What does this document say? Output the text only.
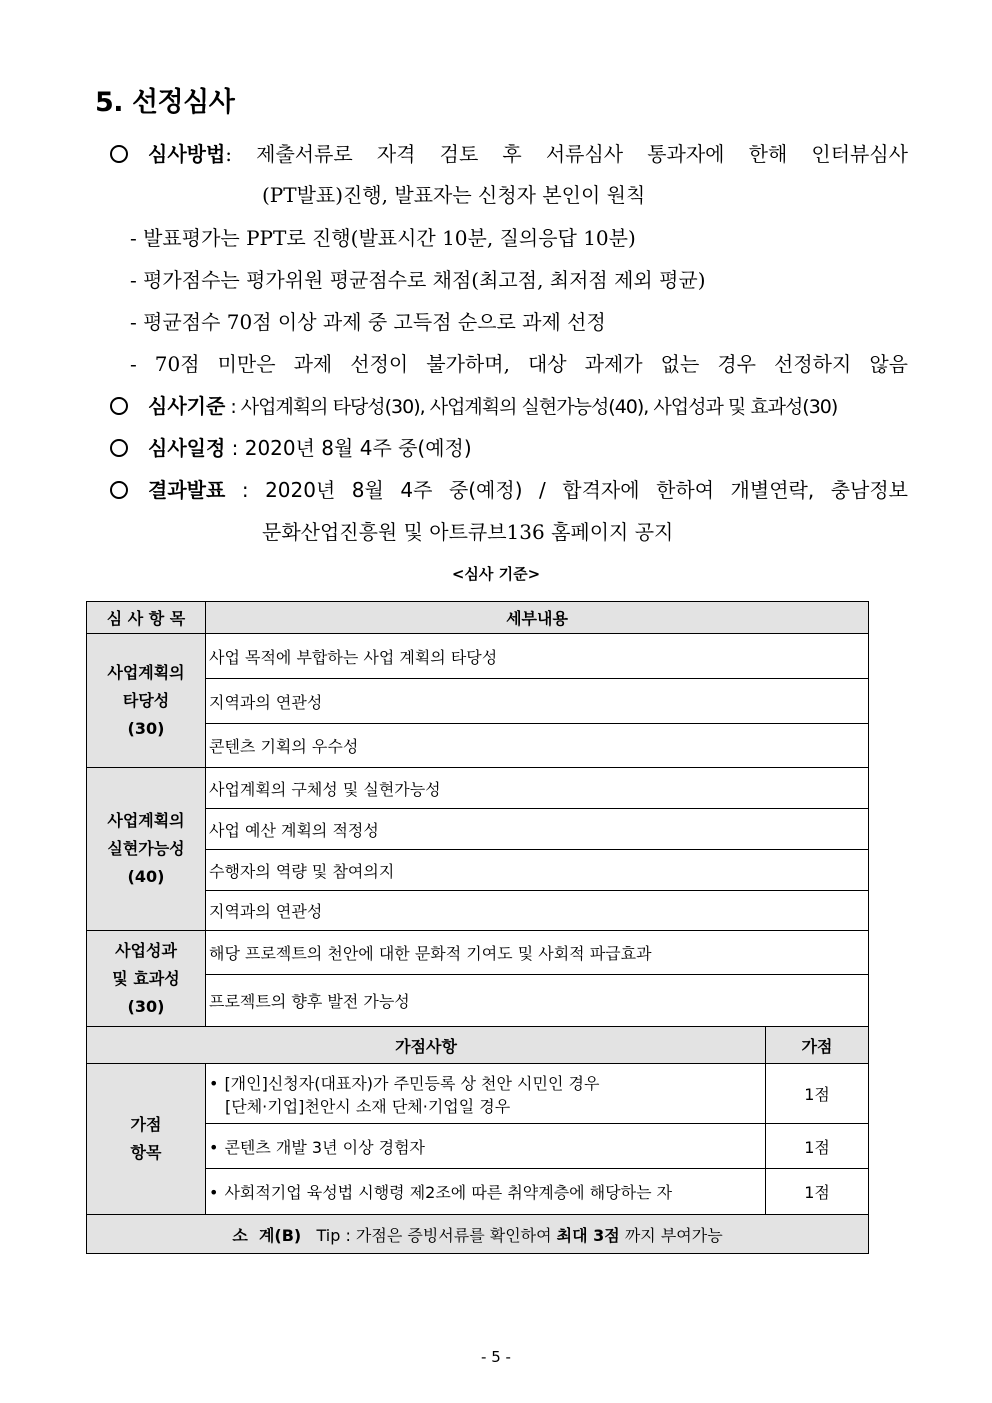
5. 선정심사
심사방법: 제출서류로 자격 검토 후 서류심사 통과자에 한해 인터뷰심사
(PT발표)진행, 발표자는 신청자 본인이 원칙
- 발표평가는 PPT로 진행(발표시간 10분, 질의응답 10분)
- 평가점수는 평가위원 평균점수로 채점(최고점, 최저점 제외 평균)
- 평균점수 70점 이상 과제 중 고득점 순으로 과제 선정
- 70점 미만은 과제 선정이 불가하며, 대상 과제가 없는 경우 선정하지 않음
심사기준 : 사업계획의 타당성(30), 사업계획의 실현가능성(40), 사업성과 및 효과성(30)
심사일정 : 2020년 8월 4주 중(예정)
결과발표 : 2020년 8월 4주 중(예정) / 합격자에 한하여 개별연락, 충남정보
문화산업진흥원 및 아트큐브136 홈페이지 공지
<심사 기준>
심 사 항 목	세부내용	

사업계획의
타당성
(30)	사업 목적에 부합하는 사업 계획의 타당성	
	지역과의 연관성	
	콘텐츠 기획의 우수성	

사업계획의
실현가능성
(40)	사업계획의 구체성 및 실현가능성	
	사업 예산 계획의 적정성	
	수행자의 역량 및 참여의지	
	지역과의 연관성	

사업성과
및 효과성
(30)	해당 프로젝트의 천안에 대한 문화적 기여도 및 사회적 파급효과	
	프로젝트의 향후 발전 가능성	
가점사항		가점

가점
항목	• [개인]신청자(대표자)가 주민등록 상 천안 시민인 경우
[단체·기업]천안시 소재 단체·기업일 경우	1점
	• 콘텐츠 개발 3년 이상 경험자	1점
	• 사회적기업 육성법 시행령 제2조에 따른 취약계층에 해당하는 자	1점
소  계(B) Tip : 가점은 증빙서류를 확인하여 최대 3점 까지 부여가능		
- 5 -
